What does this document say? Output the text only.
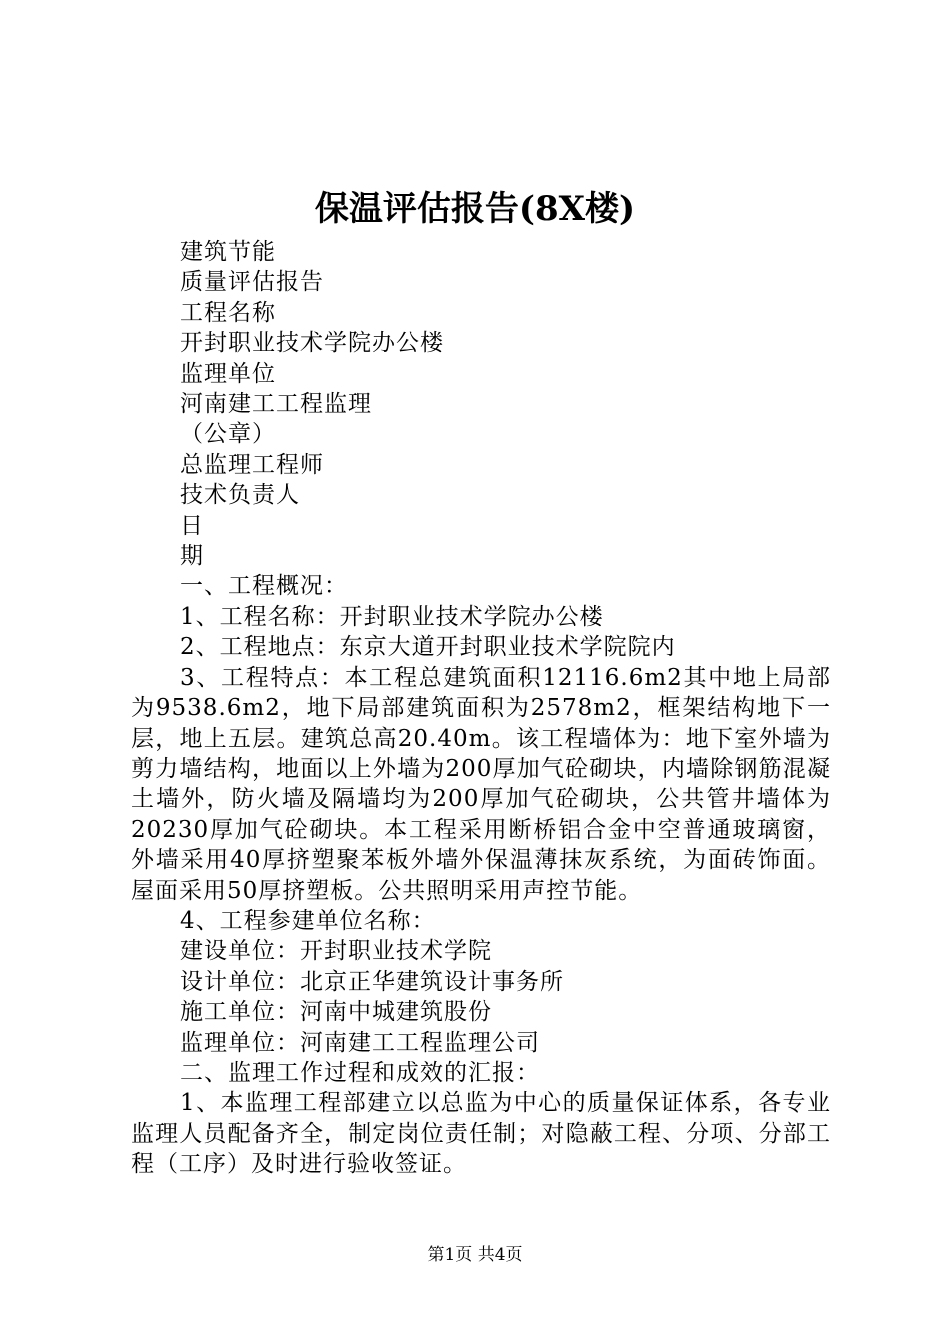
保温评估报告(8X楼)
建筑节能
质量评估报告
工程名称
开封职业技术学院办公楼
监理单位
河南建工工程监理
（公章）
总监理工程师
技术负责人
日
期
一、工程概况：
1、工程名称：开封职业技术学院办公楼
2、工程地点：东京大道开封职业技术学院院内

3、工程特点：本工程总建筑面积12116.6m2其中地上局部为9538.6m2，地下局部建筑面积为2578m2，框架结构地下一层，地上五层。建筑总高20.40m。该工程墙体为：地下室外墙为剪力墙结构，地面以上外墙为200厚加气砼砌块，内墙除钢筋混凝土墙外，防火墙及隔墙均为200厚加气砼砌块，公共管井墙体为20230厚加气砼砌块。本工程采用断桥铝合金中空普通玻璃窗，外墙采用40厚挤塑聚苯板外墙外保温薄抹灰系统，为面砖饰面。屋面采用50厚挤塑板。公共照明采用声控节能。

4、工程参建单位名称：
建设单位：开封职业技术学院
设计单位：北京正华建筑设计事务所
施工单位：河南中城建筑股份
监理单位：河南建工工程监理公司
二、监理工作过程和成效的汇报：

1、本监理工程部建立以总监为中心的质量保证体系，各专业监理人员配备齐全，制定岗位责任制；对隐蔽工程、分项、分部工程（工序）及时进行验收签证。

第1页 共4页
